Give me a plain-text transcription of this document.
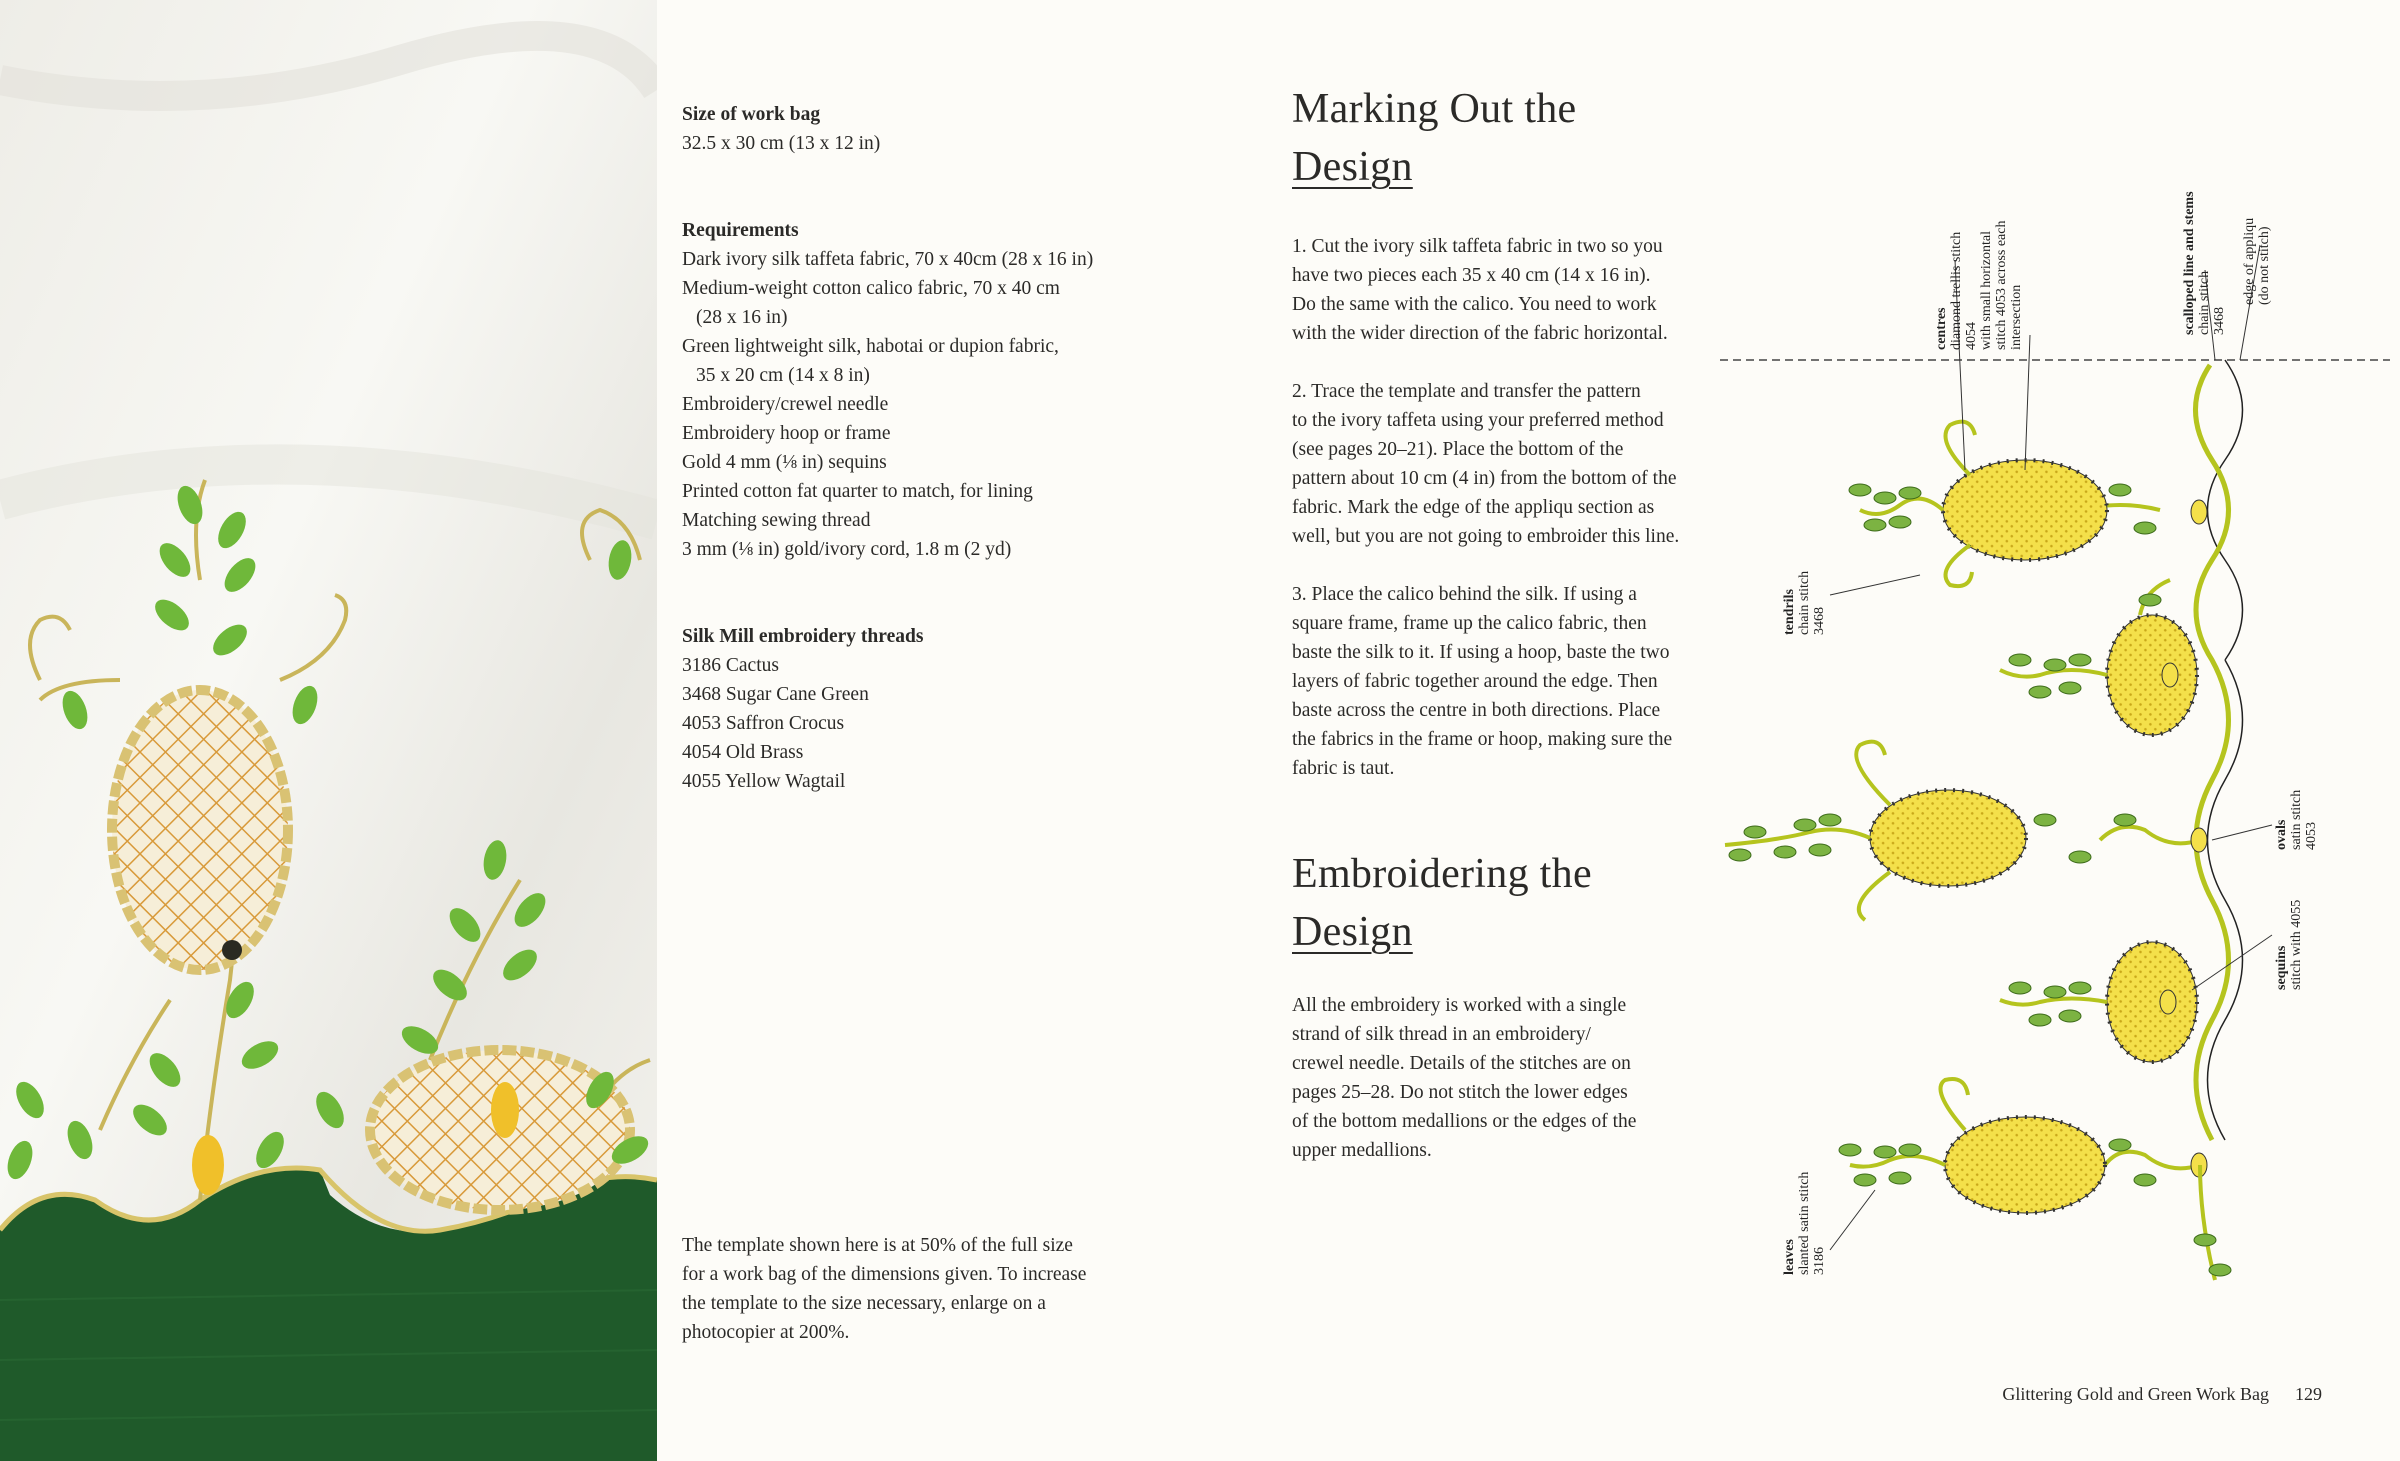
Size of work bag

32.5 x 30 cm (13 x 12 in)

Requirements

Dark ivory silk taffeta fabric, 70 x 40cm (28 x 16 in)

Medium-weight cotton calico fabric, 70 x 40 cm

(28 x 16 in)

Green lightweight silk, habotai or dupion fabric,

35 x 20 cm (14 x 8 in)

Embroidery/crewel needle

Embroidery hoop or frame

Gold 4 mm (⅛ in) sequins

Printed cotton fat quarter to match, for lining

Matching sewing thread

3 mm (⅛ in) gold/ivory cord, 1.8 m (2 yd)

Silk Mill embroidery threads

3186 Cactus

3468 Sugar Cane Green

4053 Saffron Crocus

4054 Old Brass

4055 Yellow Wagtail

The template shown here is at 50% of the full size

for a work bag of the dimensions given. To increase

the template to the size necessary, enlarge on a

photocopier at 200%.

Marking Out the
Design

1. Cut the ivory silk taffeta fabric in two so you

have two pieces each 35 x 40 cm (14 x 16 in).

Do the same with the calico. You need to work

with the wider direction of the fabric horizontal.

2. Trace the template and transfer the pattern

to the ivory taffeta using your preferred method

(see pages 20–21). Place the bottom of the

pattern about 10 cm (4 in) from the bottom of the

fabric. Mark the edge of the appliqu section as

well, but you are not going to embroider this line.

3. Place the calico behind the silk. If using a

square frame, frame up the calico fabric, then

baste the silk to it. If using a hoop, baste the two

layers of fabric together around the edge. Then

baste across the centre in both directions. Place

the fabrics in the frame or hoop, making sure the

fabric is taut.

Embroidering the
Design

All the embroidery is worked with a single

strand of silk thread in an embroidery/

crewel needle. Details of the stitches are on

pages 25–28. Do not stitch the lower edges

of the bottom medallions or the edges of the

upper medallions.

centres diamond trellis stitch 4054 with small horizontal stitch 4053 across each intersection	scalloped line and stems chain stitch 3468
edge of appliqu (do not stitch)
tendrils chain stitch 3468
ovals satin stitch 4053
sequins stitch with 4055
leaves slanted satin stitch 3186
Glittering Gold and Green Work Bag 129
